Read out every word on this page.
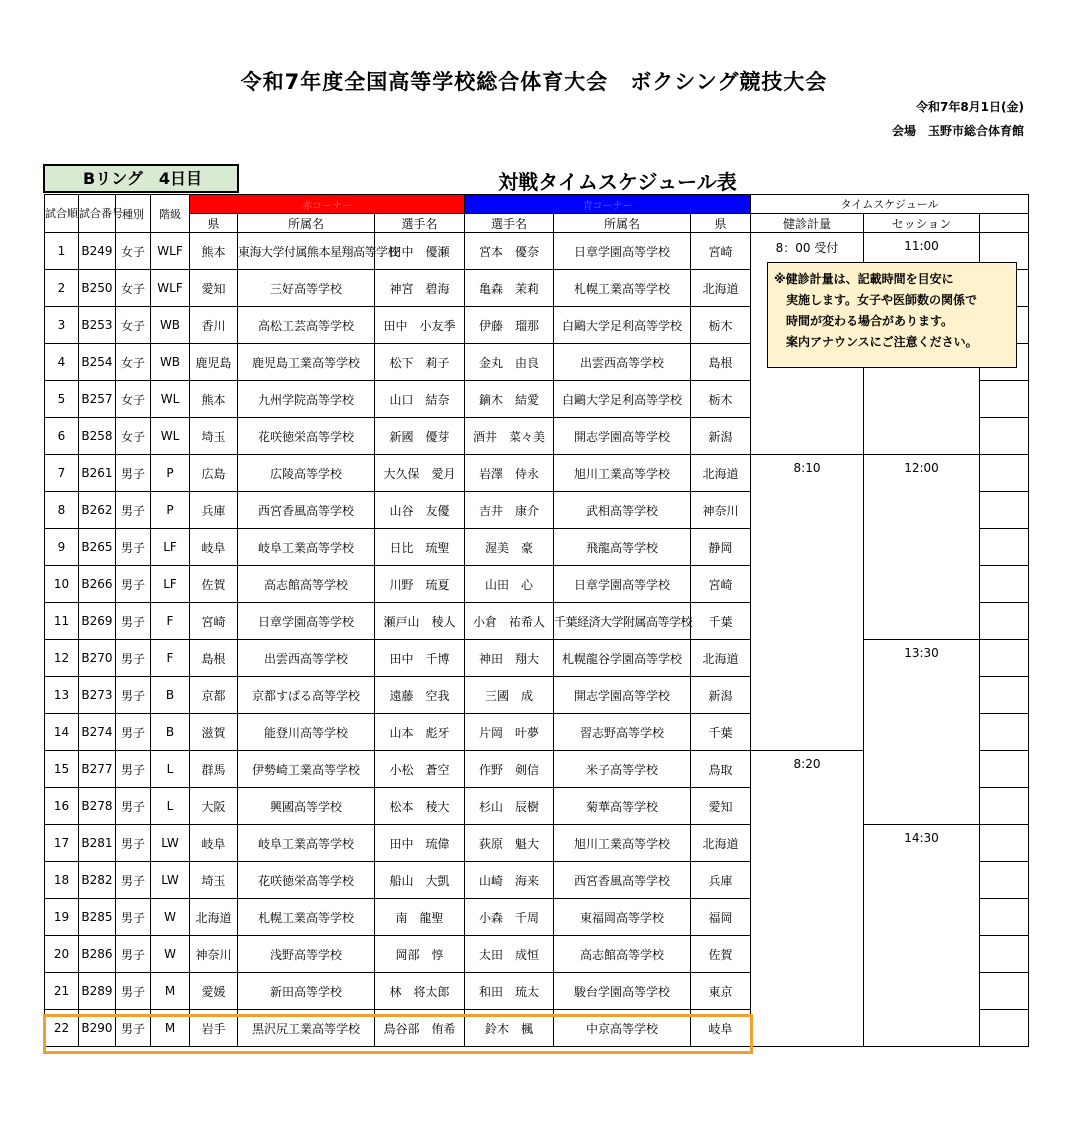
令和7年度全国高等学校総合体育大会　ボクシング競技大会
令和7年8月1日(金)
会場　玉野市総合体育館
Bリング　4日目	対戦タイムスケジュール表
試合順	試合番号	種別	階級	赤コーナー			青コーナー			タイムスケジュール		
				県	所属名	選手名	選手名	所属名	県	健診計量	セッション	
1	B249	女子	WLF	熊本	東海大学付属熊本星翔高等学校	田中　優瀬	宮本　優奈	日章学園高等学校	宮崎	8：00 受付	11:00	
2	B250	女子	WLF	愛知	三好高等学校	神宮　碧海	亀森　茉莉	札幌工業高等学校	北海道			
3	B253	女子	WB	香川	高松工芸高等学校	田中　小友季	伊藤　瑠那	白鷗大学足利高等学校	栃木			
4	B254	女子	WB	鹿児島	鹿児島工業高等学校	松下　莉子	金丸　由良	出雲西高等学校	島根			
5	B257	女子	WL	熊本	九州学院高等学校	山口　結奈	鏑木　結愛	白鷗大学足利高等学校	栃木			
6	B258	女子	WL	埼玉	花咲徳栄高等学校	新國　優芽	酒井　菜々美	開志学園高等学校	新潟			
7	B261	男子	P	広島	広陵高等学校	大久保　愛月	岩澤　侍永	旭川工業高等学校	北海道	8:10	12:00	
8	B262	男子	P	兵庫	西宮香風高等学校	山谷　友優	吉井　康介	武相高等学校	神奈川			
9	B265	男子	LF	岐阜	岐阜工業高等学校	日比　琉聖	渥美　豪	飛龍高等学校	静岡			
10	B266	男子	LF	佐賀	高志館高等学校	川野　琉夏	山田　心	日章学園高等学校	宮崎			
11	B269	男子	F	宮崎	日章学園高等学校	瀬戸山　稜人	小倉　祐希人	千葉経済大学附属高等学校	千葉			
12	B270	男子	F	島根	出雲西高等学校	田中　千博	神田　翔大	札幌龍谷学園高等学校	北海道		13:30	
13	B273	男子	B	京都	京都すばる高等学校	遠藤　空我	三國　成	開志学園高等学校	新潟			
14	B274	男子	B	滋賀	能登川高等学校	山本　彪牙	片岡　叶夢	習志野高等学校	千葉			
15	B277	男子	L	群馬	伊勢崎工業高等学校	小松　蒼空	作野　剣信	米子高等学校	鳥取	8:20		
16	B278	男子	L	大阪	興國高等学校	松本　稜大	杉山　辰樹	菊華高等学校	愛知			
17	B281	男子	LW	岐阜	岐阜工業高等学校	田中　琉偉	荻原　魁大	旭川工業高等学校	北海道		14:30	
18	B282	男子	LW	埼玉	花咲徳栄高等学校	船山　大凱	山崎　海来	西宮香風高等学校	兵庫			
19	B285	男子	W	北海道	札幌工業高等学校	南　龍聖	小森　千周	東福岡高等学校	福岡			
20	B286	男子	W	神奈川	浅野高等学校	岡部　惇	太田　成恒	高志館高等学校	佐賀			
21	B289	男子	M	愛媛	新田高等学校	林　将太郎	和田　琉太	駿台学園高等学校	東京			
22	B290	男子	M	岩手	黒沢尻工業高等学校	鳥谷部　侑希	鈴木　楓	中京高等学校	岐阜			
※健診計量は、記載時間を目安に
　実施します。女子や医師数の関係で
　時間が変わる場合があります。
　案内アナウンスにご注意ください。
